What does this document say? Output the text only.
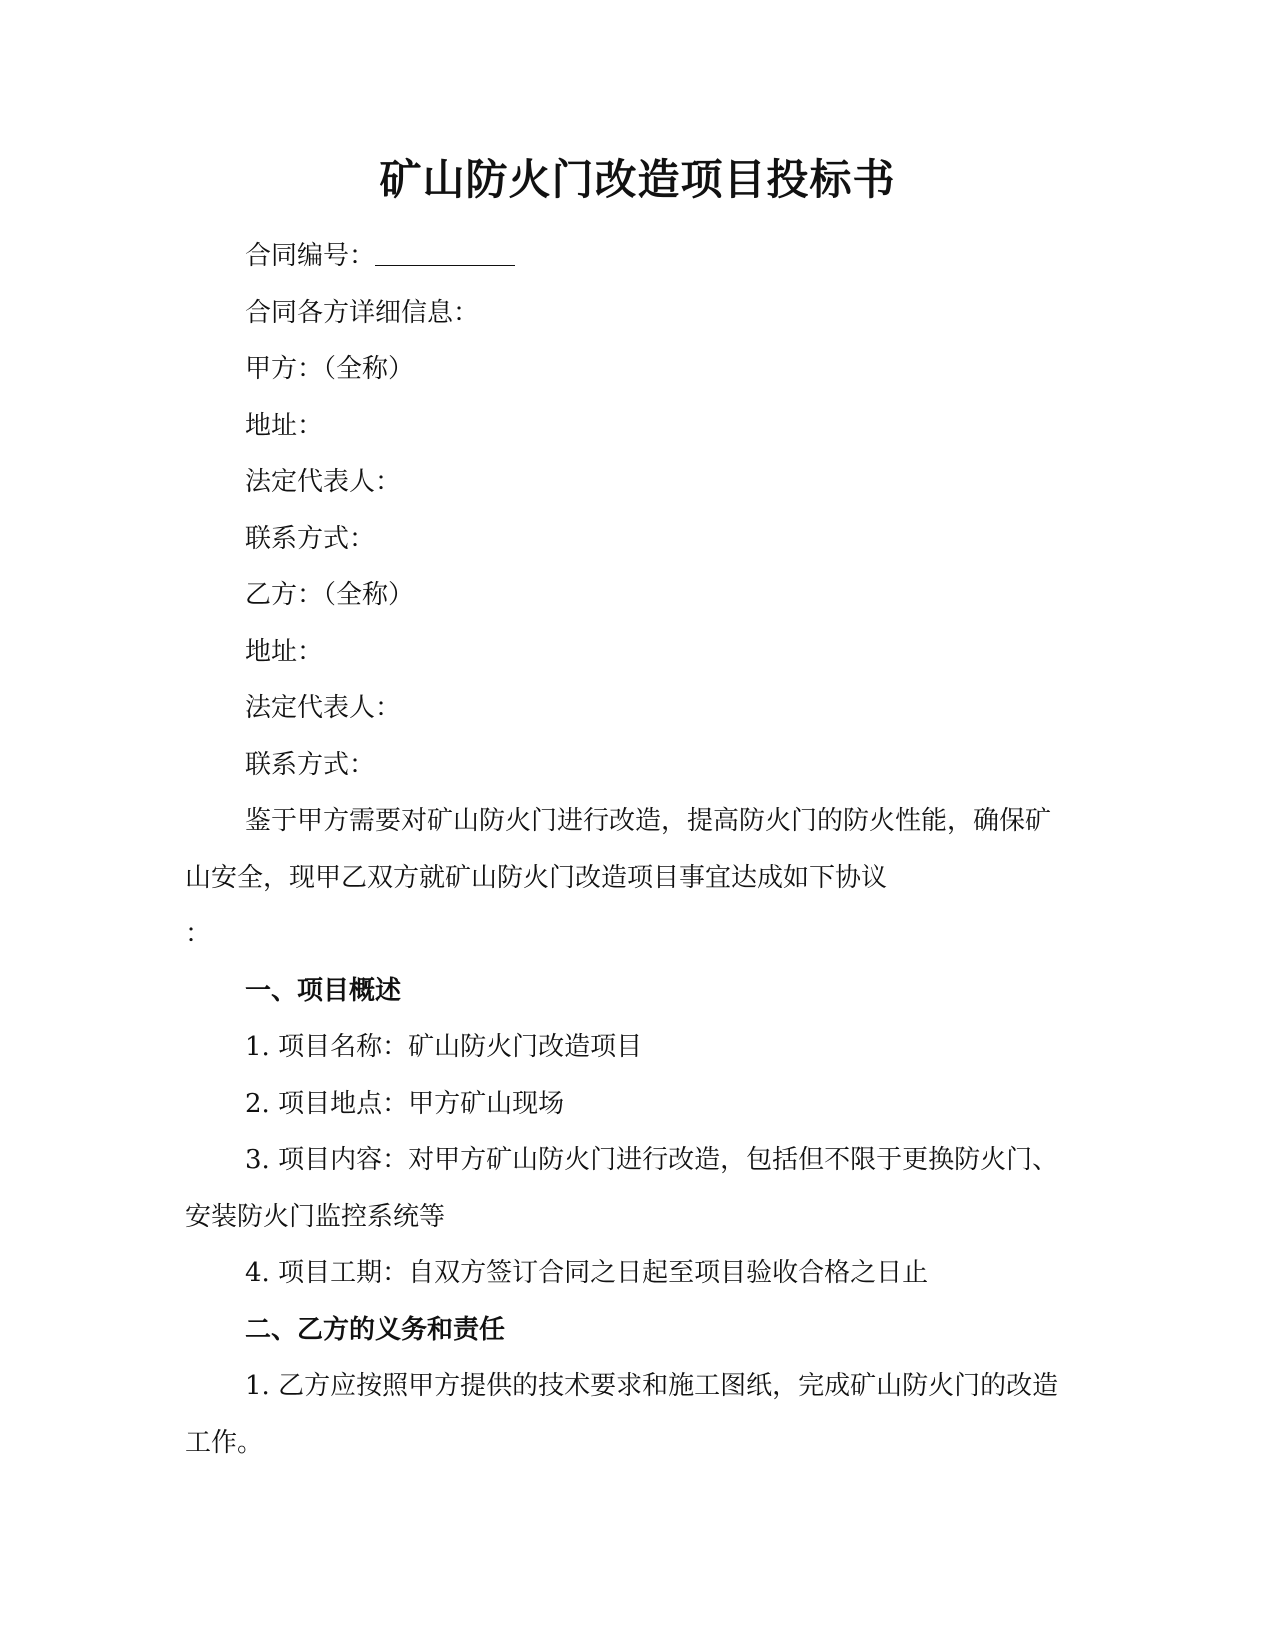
矿山防火门改造项目投标书

合同编号：

合同各方详细信息：

甲方：（全称）

地址：

法定代表人：

联系方式：

乙方：（全称）

地址：

法定代表人：

联系方式：

鉴于甲方需要对矿山防火门进行改造，提高防火门的防火性能，确保矿山安全，现甲乙双方就矿山防火门改造项目事宜达成如下协议

：

一、项目概述

1. 项目名称：矿山防火门改造项目

2. 项目地点：甲方矿山现场

3. 项目内容：对甲方矿山防火门进行改造，包括但不限于更换防火门、安装防火门监控系统等

4. 项目工期：自双方签订合同之日起至项目验收合格之日止

二、乙方的义务和责任

1. 乙方应按照甲方提供的技术要求和施工图纸，完成矿山防火门的改造工作。
